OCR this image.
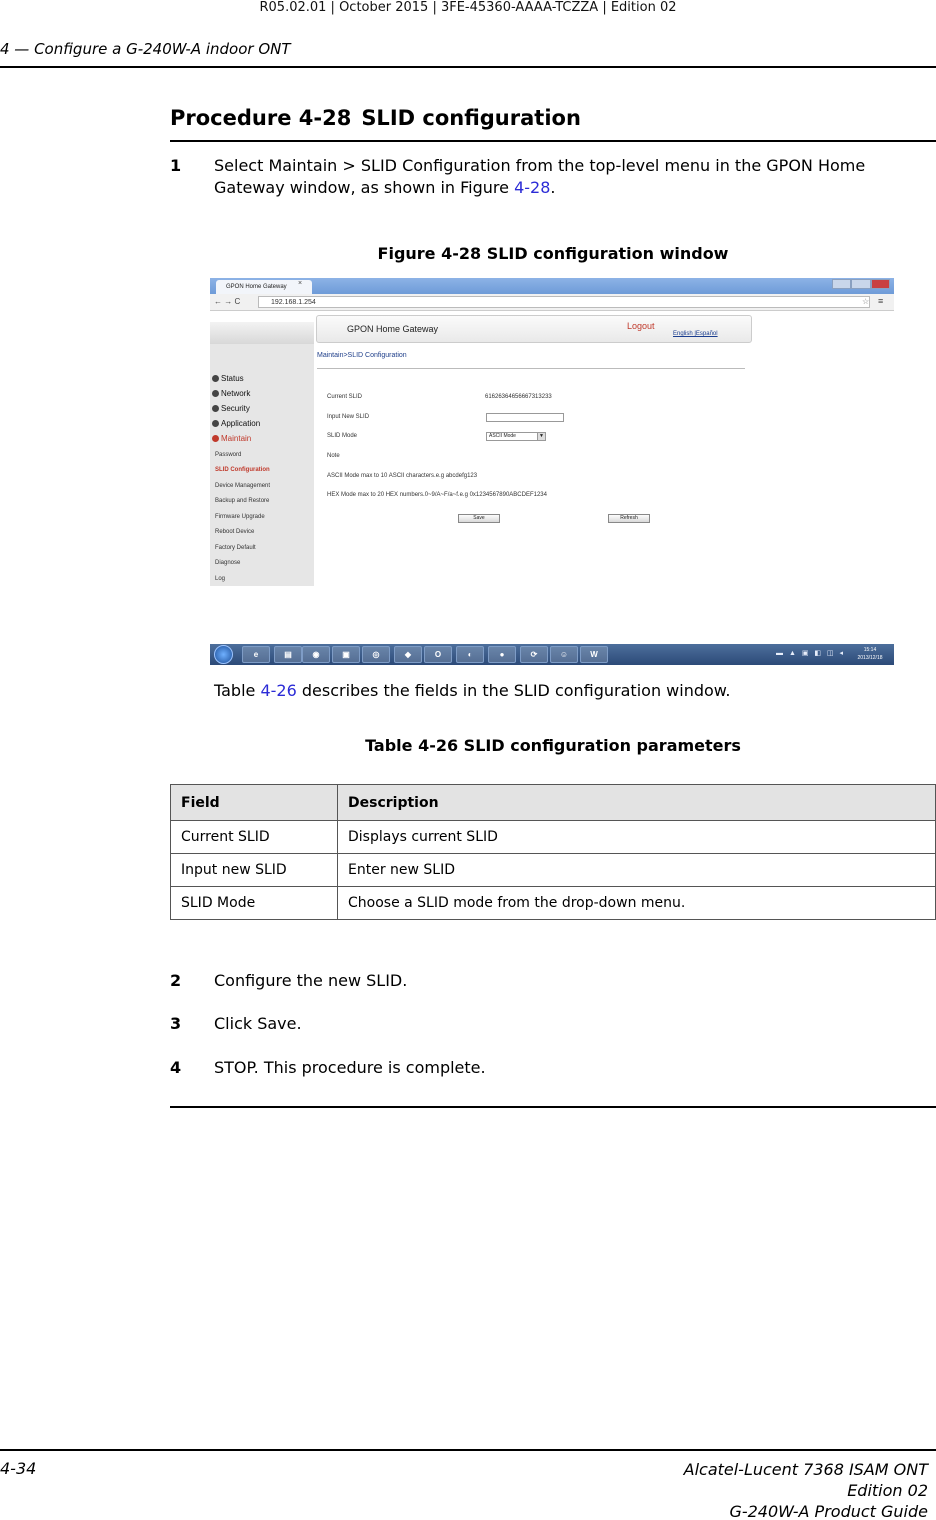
R05.02.01 | October 2015 | 3FE-45360-AAAA-TCZZA | Edition 02
4 — Configure a G-240W-A indoor ONT
Procedure 4-28 SLID configuration
1 Select Maintain > SLID Configuration from the top-level menu in the GPON Home Gateway window, as shown in Figure 4-28.
Figure 4-28 SLID configuration window
GPON Home Gateway	×
← → C	192.168.1.254	☆ ≡
Status
Network
Security
Application
Maintain
Password
SLID Configuration
Device Management
Backup and Restore
Firmware Upgrade
Reboot Device
Factory Default
Diagnose
Log
GPON Home Gateway	Logout
English |Español
Maintain>SLID Configuration
Current SLID	61626364656667313233
Input New SLID
SLID Mode	ASCII Mode	▼
Note
ASCII Mode max to 10 ASCII characters.e.g abcdefg123
HEX Mode max to 20 HEX numbers.0~9/A~F/a~f.e.g 0x1234567890ABCDEF1234
Save	Refresh
e	▤	◉	▣	◎	◆	O	◐	●	⟳	☺	W	▬ ▲ ▣ ◧ ◫ ◂	15:14
2013/12/18
Table 4-26 describes the fields in the SLID configuration window.
Table 4-26 SLID configuration parameters
Field	Description
Current SLID	Displays current SLID
Input new SLID	Enter new SLID
SLID Mode	Choose a SLID mode from the drop-down menu.
2 Configure the new SLID.
3 Click Save.
4 STOP. This procedure is complete.
4-34	Alcatel-Lucent 7368 ISAM ONT
Edition 02
G-240W-A Product Guide
